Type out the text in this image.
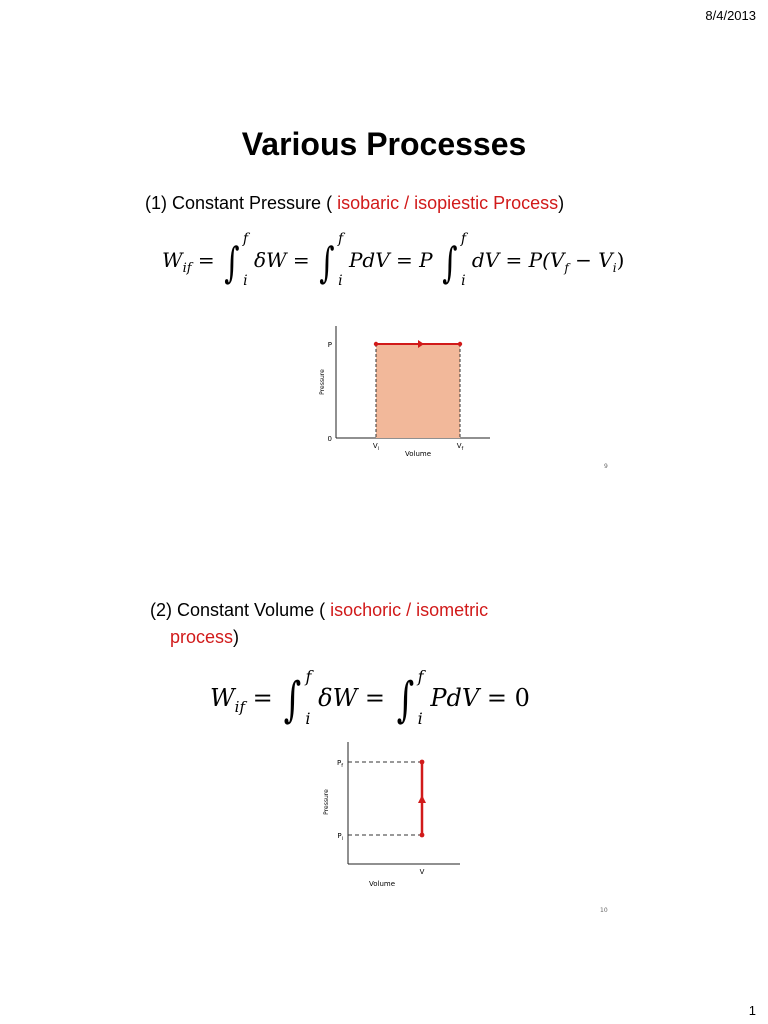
8/4/2013
Various Processes
(1) Constant Pressure ( isobaric / isopiestic Process)
$W_{if}$ = ∫ $^f_i$ δW = ∫ $^f_i$ PdV = P ∫ $^f_i$ dV = $P(V_f - V_i)$
P
0
$V_i$	$V_f$
Volume
Pressure
9
(2) Constant Volume ( isochoric / isometric
process)
$W_{if}$ = ∫ $^f_i$ δW = ∫ $^f_i$ PdV = 0
$P_f$
$P_i$
V
Volume
Pressure
10
1
